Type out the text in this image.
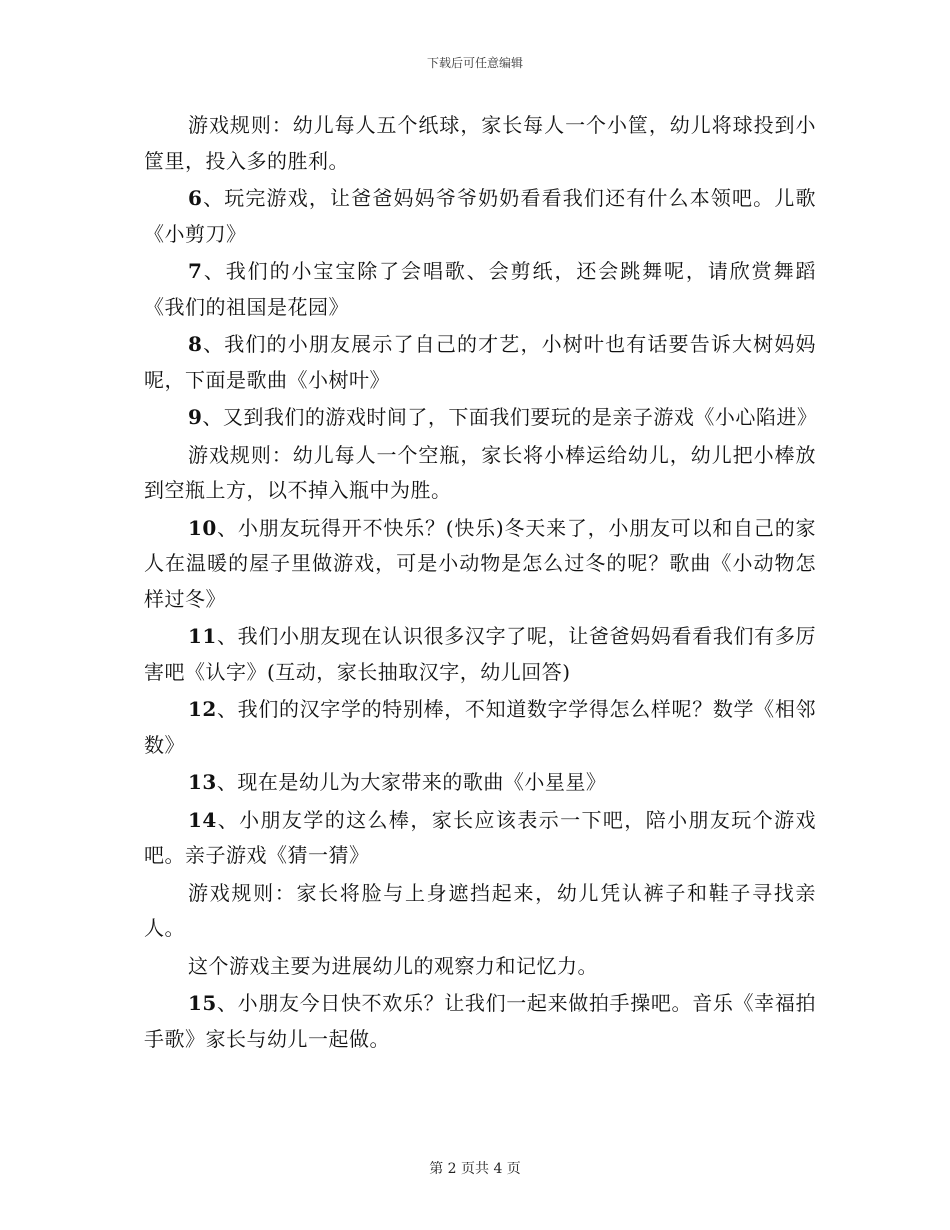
下载后可任意编辑

游戏规则：幼儿每人五个纸球，家长每人一个小筐，幼儿将球投到小筐里，投入多的胜利。

6、玩完游戏，让爸爸妈妈爷爷奶奶看看我们还有什么本领吧。儿歌《小剪刀》

7、我们的小宝宝除了会唱歌、会剪纸，还会跳舞呢，请欣赏舞蹈《我们的祖国是花园》

8、我们的小朋友展示了自己的才艺，小树叶也有话要告诉大树妈妈呢，下面是歌曲《小树叶》

9、又到我们的游戏时间了，下面我们要玩的是亲子游戏《小心陷进》

游戏规则：幼儿每人一个空瓶，家长将小棒运给幼儿，幼儿把小棒放到空瓶上方，以不掉入瓶中为胜。

10、小朋友玩得开不快乐？(快乐)冬天来了，小朋友可以和自己的家人在温暖的屋子里做游戏，可是小动物是怎么过冬的呢？歌曲《小动物怎样过冬》

11、我们小朋友现在认识很多汉字了呢，让爸爸妈妈看看我们有多厉害吧《认字》(互动，家长抽取汉字，幼儿回答)

12、我们的汉字学的特别棒，不知道数字学得怎么样呢？数学《相邻数》

13、现在是幼儿为大家带来的歌曲《小星星》

14、小朋友学的这么棒，家长应该表示一下吧，陪小朋友玩个游戏吧。亲子游戏《猜一猜》

游戏规则：家长将脸与上身遮挡起来，幼儿凭认裤子和鞋子寻找亲人。

这个游戏主要为进展幼儿的观察力和记忆力。

15、小朋友今日快不欢乐？让我们一起来做拍手操吧。音乐《幸福拍手歌》家长与幼儿一起做。

第 2 页共 4 页
